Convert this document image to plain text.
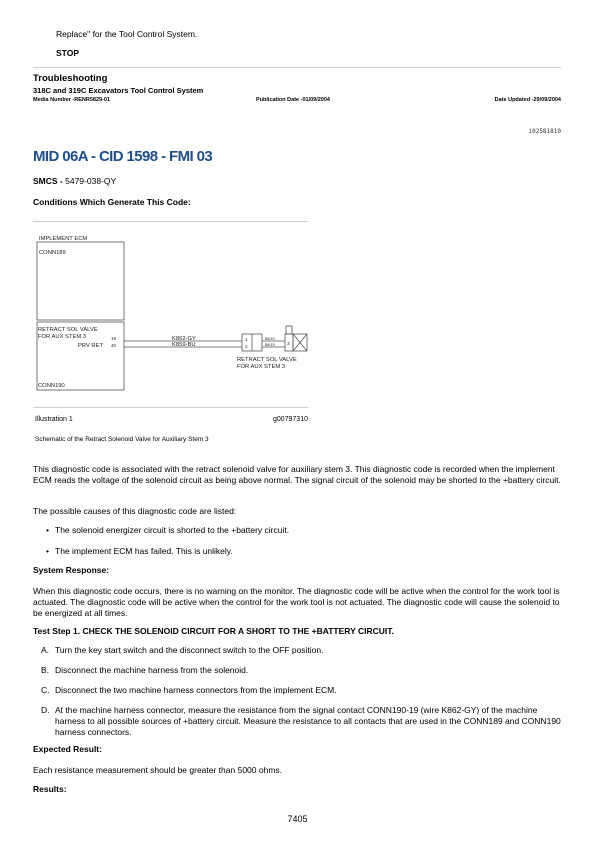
Replace" for the Tool Control System.
STOP
Troubleshooting
318C and 319C Excavators Tool Control System
Media Number -RENR5829-01	Publication Date -01/09/2004	Date Updated -29/09/2004
i02581810
MID 06A - CID 1598 - FMI 03
SMCS - 5479-038-QY
Conditions Which Generate This Code:
IMPLEMENT ECM
CONN189
RETRACT SOL VALVE
FOR AUX STEM 3
PRV RET
CONN190
19
40
K862-GY
K859-BU
1
2
BK10
BK15	3
RETRACT SOL VALVE
FOR AUX STEM 3
Illustration 1	g00797310
Schematic of the Retract Solenoid Valve for Auxiliary Stem 3
This diagnostic code is associated with the retract solenoid valve for auxiliary stem 3. This diagnostic code is recorded when the implement ECM reads the voltage of the solenoid circuit as being above normal. The signal circuit of the solenoid may be shorted to the +battery circuit.
The possible causes of this diagnostic code are listed:
• The solenoid energizer circuit is shorted to the +battery circuit.
• The implement ECM has failed. This is unlikely.
System Response:
When this diagnostic code occurs, there is no warning on the monitor. The diagnostic code will be active when the control for the work tool is actuated. The diagnostic code will be active when the control for the work tool is not actuated. The diagnostic code will cause the solenoid to be energized at all times.
Test Step 1. CHECK THE SOLENOID CIRCUIT FOR A SHORT TO THE +BATTERY CIRCUIT.
A. Turn the key start switch and the disconnect switch to the OFF position.
B. Disconnect the machine harness from the solenoid.
C. Disconnect the two machine harness connectors from the implement ECM.
D. At the machine harness connector, measure the resistance from the signal contact CONN190-19 (wire K862-GY) of the machine harness to all possible sources of +battery circuit. Measure the resistance to all contacts that are used in the CONN189 and CONN190 harness connectors.
Expected Result:
Each resistance measurement should be greater than 5000 ohms.
Results:
7405
